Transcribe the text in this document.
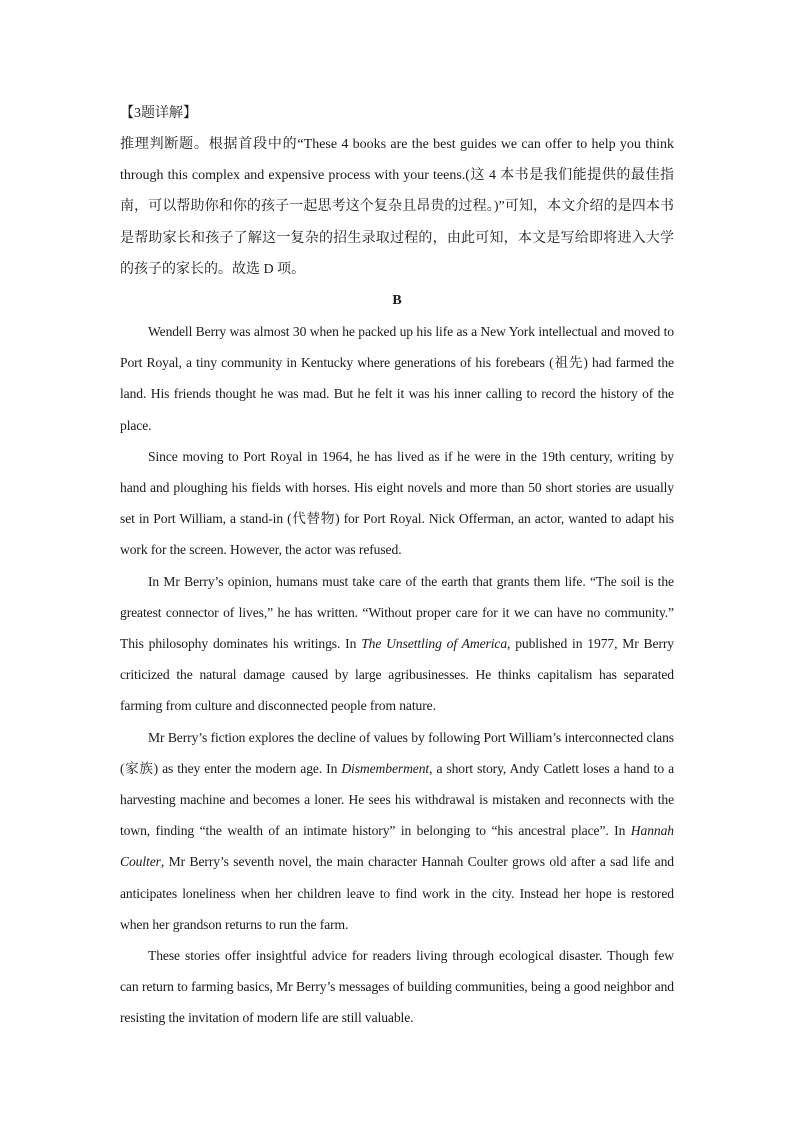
【3题详解】

推理判断题。根据首段中的“These 4 books are the best guides we can offer to help you think through this complex and expensive process with your teens.(这 4 本书是我们能提供的最佳指南，可以帮助你和你的孩子一起思考这个复杂且昂贵的过程。)”可知，本文介绍的是四本书是帮助家长和孩子了解这一复杂的招生录取过程的，由此可知，本文是写给即将进入大学的孩子的家长的。故选 D 项。

B

Wendell Berry was almost 30 when he packed up his life as a New York intellectual and moved to Port Royal, a tiny community in Kentucky where generations of his forebears (祖先) had farmed the land. His friends thought he was mad. But he felt it was his inner calling to record the history of the place.

Since moving to Port Royal in 1964, he has lived as if he were in the 19th century, writing by hand and ploughing his fields with horses. His eight novels and more than 50 short stories are usually set in Port William, a stand-in (代替物) for Port Royal. Nick Offerman, an actor, wanted to adapt his work for the screen. However, the actor was refused.

In Mr Berry’s opinion, humans must take care of the earth that grants them life. “The soil is the greatest connector of lives,” he has written. “Without proper care for it we can have no community.” This philosophy dominates his writings. In The Unsettling of America, published in 1977, Mr Berry criticized the natural damage caused by large agribusinesses. He thinks capitalism has separated farming from culture and disconnected people from nature.

Mr Berry’s fiction explores the decline of values by following Port William’s interconnected clans (家族) as they enter the modern age. In Dismemberment, a short story, Andy Catlett loses a hand to a harvesting machine and becomes a loner. He sees his withdrawal is mistaken and reconnects with the town, finding “the wealth of an intimate history” in belonging to “his ancestral place”. In Hannah Coulter, Mr Berry’s seventh novel, the main character Hannah Coulter grows old after a sad life and anticipates loneliness when her children leave to find work in the city. Instead her hope is restored when her grandson returns to run the farm.

These stories offer insightful advice for readers living through ecological disaster. Though few can return to farming basics, Mr Berry’s messages of building communities, being a good neighbor and resisting the invitation of modern life are still valuable.
